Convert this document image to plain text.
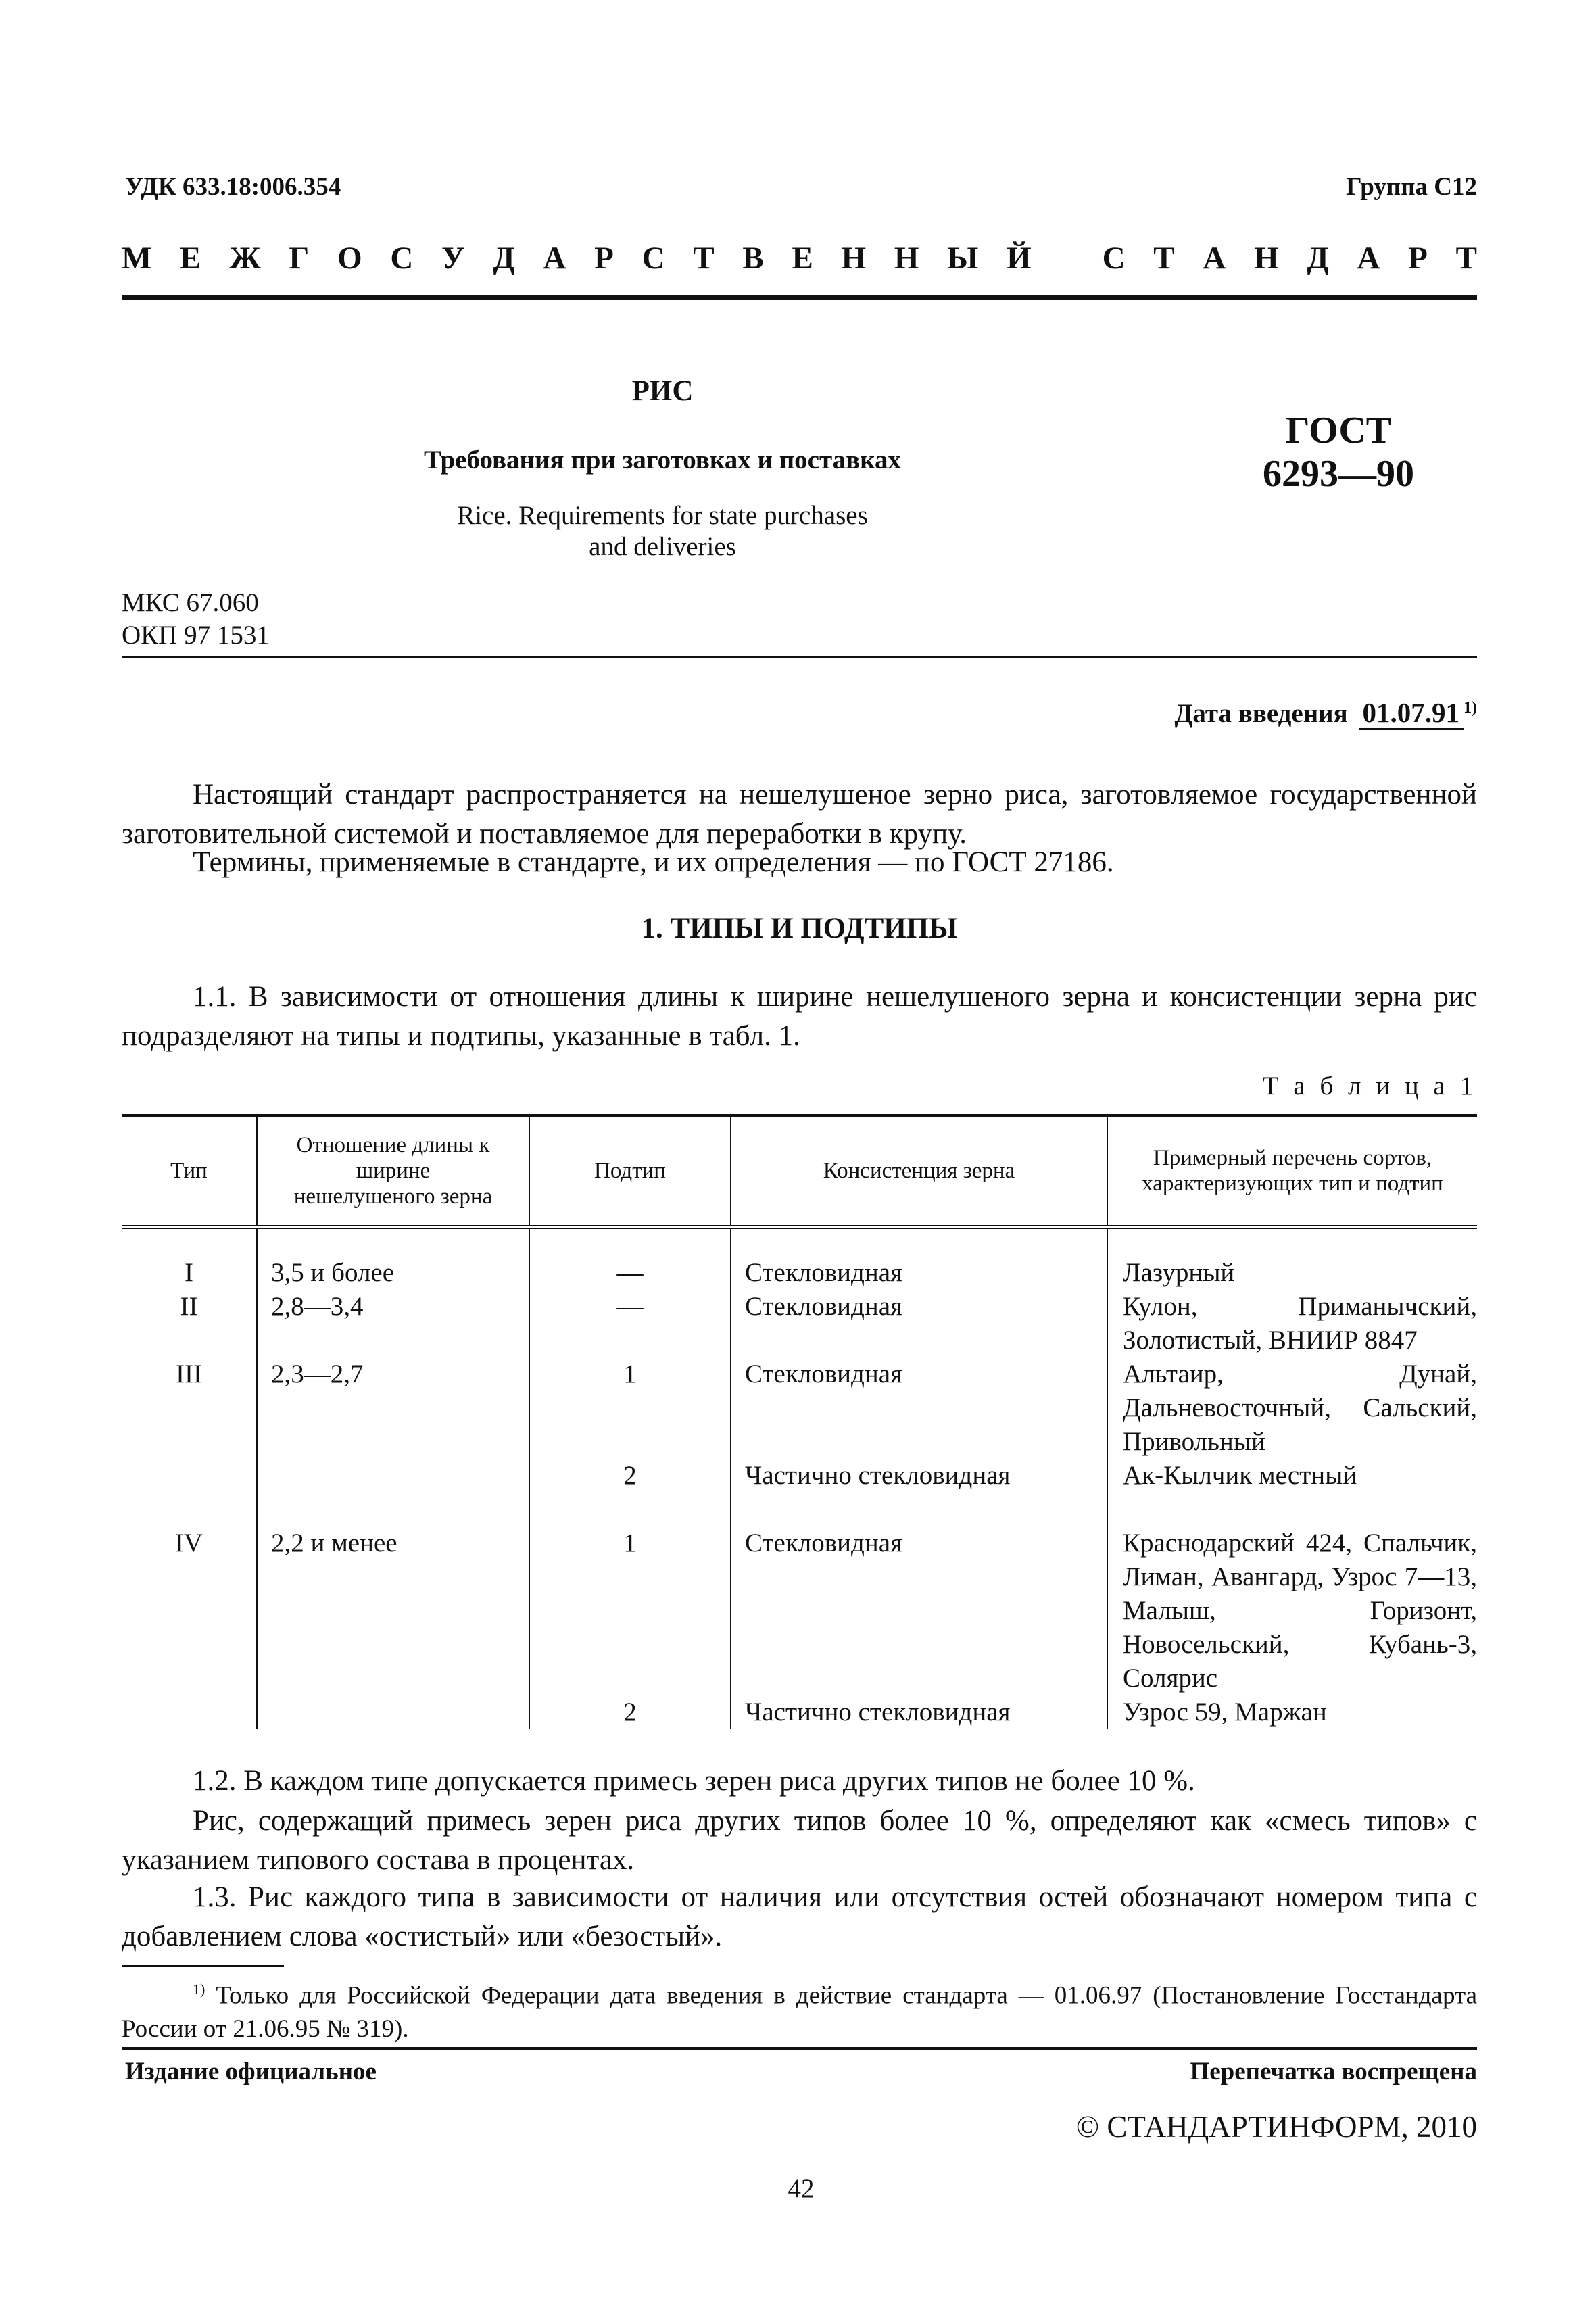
УДК 633.18:006.354	Группа С12
М Е Ж Г О С У Д А Р С Т В Е Н Н Ы Й С Т А Н Д А Р Т
РИС
Требования при заготовках и поставках
Rice. Requirements for state purchases
and deliveries
ГОСТ
6293—90
МКС 67.060
ОКП 97 1531
Дата введения 01.07.91 $^{1)}$
Настоящий стандарт распространяется на нешелушеное зерно риса, заготовляемое государственной заготовительной системой и поставляемое для переработки в крупу.
Термины, применяемые в стандарте, и их определения — по ГОСТ 27186.
1. ТИПЫ И ПОДТИПЫ
1.1. В зависимости от отношения длины к ширине нешелушеного зерна и консистенции зерна рис подразделяют на типы и подтипы, указанные в табл. 1.
Т а б л и ц а 1
Тип	Отношение длины к ширине нешелушеного зерна	Подтип	Консистенция зерна	Примерный перечень сортов, характеризующих тип и подтип
I	3,5 и более	—	Стекловидная	Лазурный
II	2,8—3,4	—	Стекловидная	Кулон, Приманычский, Золотистый, ВНИИР 8847
III	2,3—2,7	1	Стекловидная	Альтаир, Дунай, Дальневосточный, Сальский, Привольный
		2	Частично стекловидная	Ак-Кылчик местный
IV	2,2 и менее	1	Стекловидная	Краснодарский 424, Спальчик, Лиман, Авангард, Узрос 7—13, Малыш, Горизонт, Новосельский, Кубань-3, Солярис
		2	Частично стекловидная	Узрос 59, Маржан
1.2. В каждом типе допускается примесь зерен риса других типов не более 10 %.
Рис, содержащий примесь зерен риса других типов более 10 %, определяют как «смесь типов» с указанием типового состава в процентах.
1.3. Рис каждого типа в зависимости от наличия или отсутствия остей обозначают номером типа с добавлением слова «остистый» или «безостый».
$^{1)}$ Только для Российской Федерации дата введения в действие стандарта — 01.06.97 (Постановление Госстандарта России от 21.06.95 № 319).
Издание официальное	Перепечатка воспрещена
© СТАНДАРТИНФОРМ, 2010
42
